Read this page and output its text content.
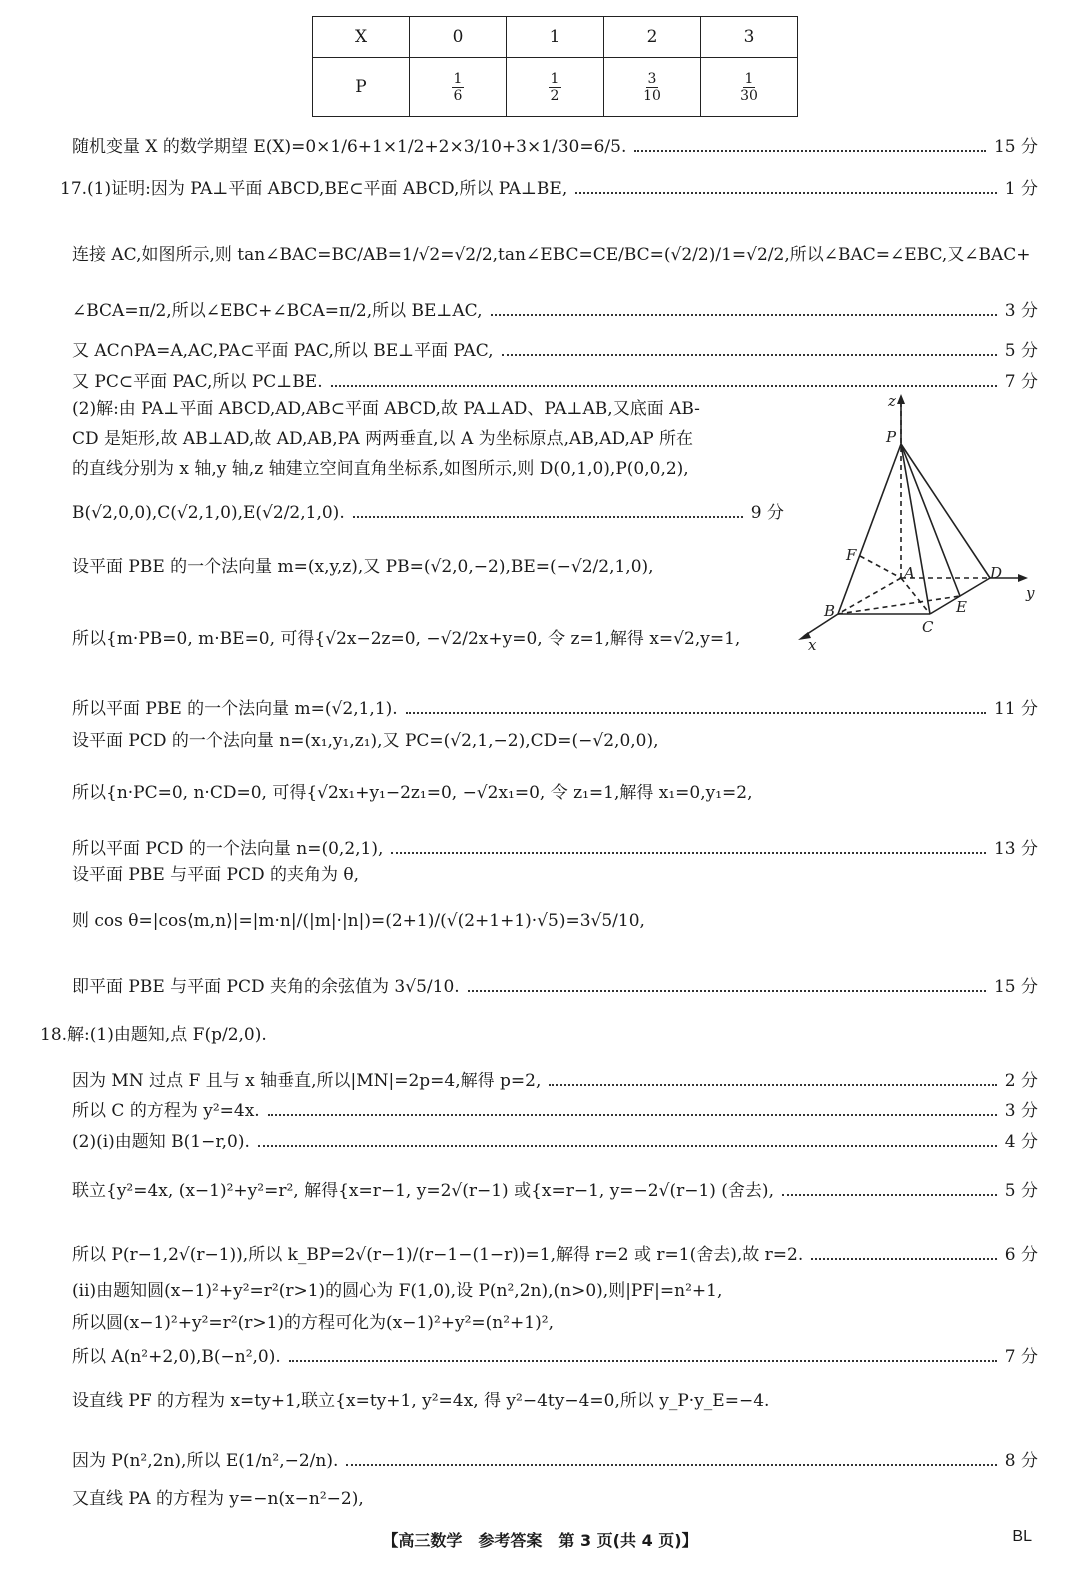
X	0	1	2	3
P	$\frac{1}{6}$	$\frac{1}{2}$	$\frac{3}{10}$	$\frac{1}{30}$
随机变量 X 的数学期望 E(X)=0×1/6+1×1/2+2×3/10+3×1/30=6/5.	15 分
17.(1)证明:因为 PA⊥平面 ABCD,BE⊂平面 ABCD,所以 PA⊥BE,	1 分
连接 AC,如图所示,则 tan∠BAC=BC/AB=1/√2=√2/2,tan∠EBC=CE/BC=(√2/2)/1=√2/2,所以∠BAC=∠EBC,又∠BAC+
∠BCA=π/2,所以∠EBC+∠BCA=π/2,所以 BE⊥AC,	3 分
又 AC∩PA=A,AC,PA⊂平面 PAC,所以 BE⊥平面 PAC,	5 分
又 PC⊂平面 PAC,所以 PC⊥BE.	7 分
(2)解:由 PA⊥平面 ABCD,AD,AB⊂平面 ABCD,故 PA⊥AD、PA⊥AB,又底面 AB-
CD 是矩形,故 AB⊥AD,故 AD,AB,PA 两两垂直,以 A 为坐标原点,AB,AD,AP 所在
的直线分别为 x 轴,y 轴,z 轴建立空间直角坐标系,如图所示,则 D(0,1,0),P(0,0,2),
B(√2,0,0),C(√2,1,0),E(√2/2,1,0).	9 分
设平面 PBE 的一个法向量 m=(x,y,z),又 PB=(√2,0,−2),BE=(−√2/2,1,0),
所以{m·PB=0, m·BE=0, 可得{√2x−2z=0, −√2/2x+y=0, 令 z=1,解得 x=√2,y=1,
所以平面 PBE 的一个法向量 m=(√2,1,1).	11 分
设平面 PCD 的一个法向量 n=(x₁,y₁,z₁),又 PC=(√2,1,−2),CD=(−√2,0,0),
所以{n·PC=0, n·CD=0, 可得{√2x₁+y₁−2z₁=0, −√2x₁=0, 令 z₁=1,解得 x₁=0,y₁=2,
所以平面 PCD 的一个法向量 n=(0,2,1),	13 分
设平面 PBE 与平面 PCD 的夹角为 θ,
则 cos θ=|cos⟨m,n⟩|=|m·n|/(|m|·|n|)=(2+1)/(√(2+1+1)·√5)=3√5/10,
即平面 PBE 与平面 PCD 夹角的余弦值为 3√5/10.	15 分
18.解:(1)由题知,点 F(p/2,0).
因为 MN 过点 F 且与 x 轴垂直,所以|MN|=2p=4,解得 p=2,	2 分
所以 C 的方程为 y²=4x.	3 分
(2)(ⅰ)由题知 B(1−r,0).	4 分
联立{y²=4x, (x−1)²+y²=r², 解得{x=r−1, y=2√(r−1) 或{x=r−1, y=−2√(r−1) (舍去),	5 分
所以 P(r−1,2√(r−1)),所以 k_BP=2√(r−1)/(r−1−(1−r))=1,解得 r=2 或 r=1(舍去),故 r=2.	6 分
(ⅱ)由题知圆(x−1)²+y²=r²(r>1)的圆心为 F(1,0),设 P(n²,2n),(n>0),则|PF|=n²+1,
所以圆(x−1)²+y²=r²(r>1)的方程可化为(x−1)²+y²=(n²+1)²,
所以 A(n²+2,0),B(−n²,0).	7 分
设直线 PF 的方程为 x=ty+1,联立{x=ty+1, y²=4x, 得 y²−4ty−4=0,所以 y_P·y_E=−4.
因为 P(n²,2n),所以 E(1/n²,−2/n).	8 分
又直线 PA 的方程为 y=−n(x−n²−2),
z
y
x
P
A
B
C
D
E
F
【高三数学　参考答案　第 3 页(共 4 页)】	BL
